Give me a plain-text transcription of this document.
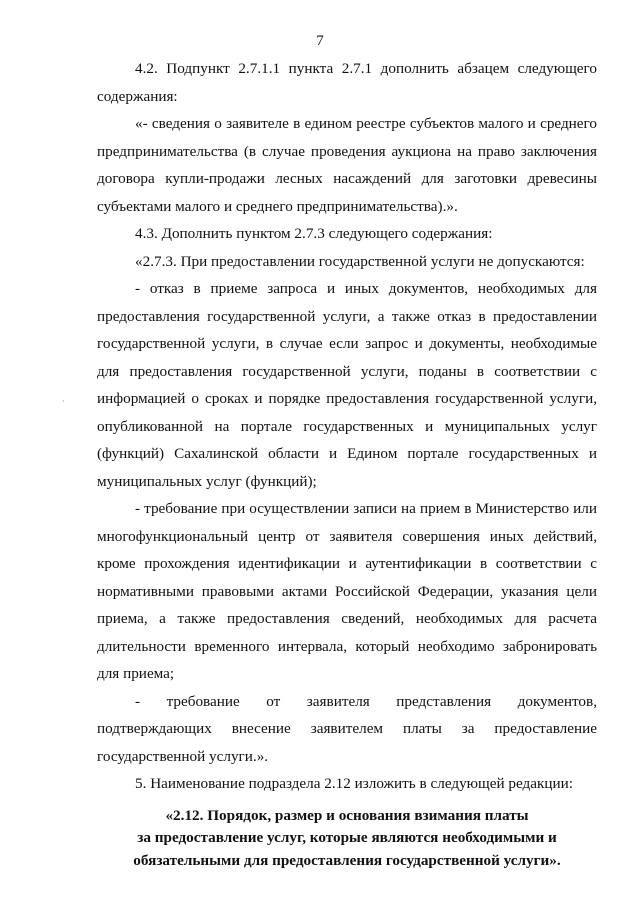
7

4.2. Подпункт 2.7.1.1 пункта 2.7.1 дополнить абзацем следующего содержания:

«- сведения о заявителе в едином реестре субъектов малого и среднего предпринимательства (в случае проведения аукциона на право заключения договора купли-продажи лесных насаждений для заготовки древесины субъектами малого и среднего предпринимательства).».

4.3. Дополнить пунктом 2.7.3 следующего содержания:

«2.7.3. При предоставлении государственной услуги не допускаются:

- отказ в приеме запроса и иных документов, необходимых для предоставления государственной услуги, а также отказ в предоставлении государственной услуги, в случае если запрос и документы, необходимые для предоставления государственной услуги, поданы в соответствии с информацией о сроках и порядке предоставления государственной услуги, опубликованной на портале государственных и муниципальных услуг (функций) Сахалинской области и Едином портале государственных и муниципальных услуг (функций);

- требование при осуществлении записи на прием в Министерство или многофункциональный центр от заявителя совершения иных действий, кроме прохождения идентификации и аутентификации в соответствии с нормативными правовыми актами Российской Федерации, указания цели приема, а также предоставления сведений, необходимых для расчета длительности временного интервала, который необходимо забронировать для приема;

- требование от заявителя представления документов, подтверждающих внесение заявителем платы за предоставление государственной услуги.».

5. Наименование подраздела 2.12 изложить в следующей редакции:

«2.12. Порядок, размер и основания взимания платы
за предоставление услуг, которые являются необходимыми и
обязательными для предоставления государственной услуги».
·
